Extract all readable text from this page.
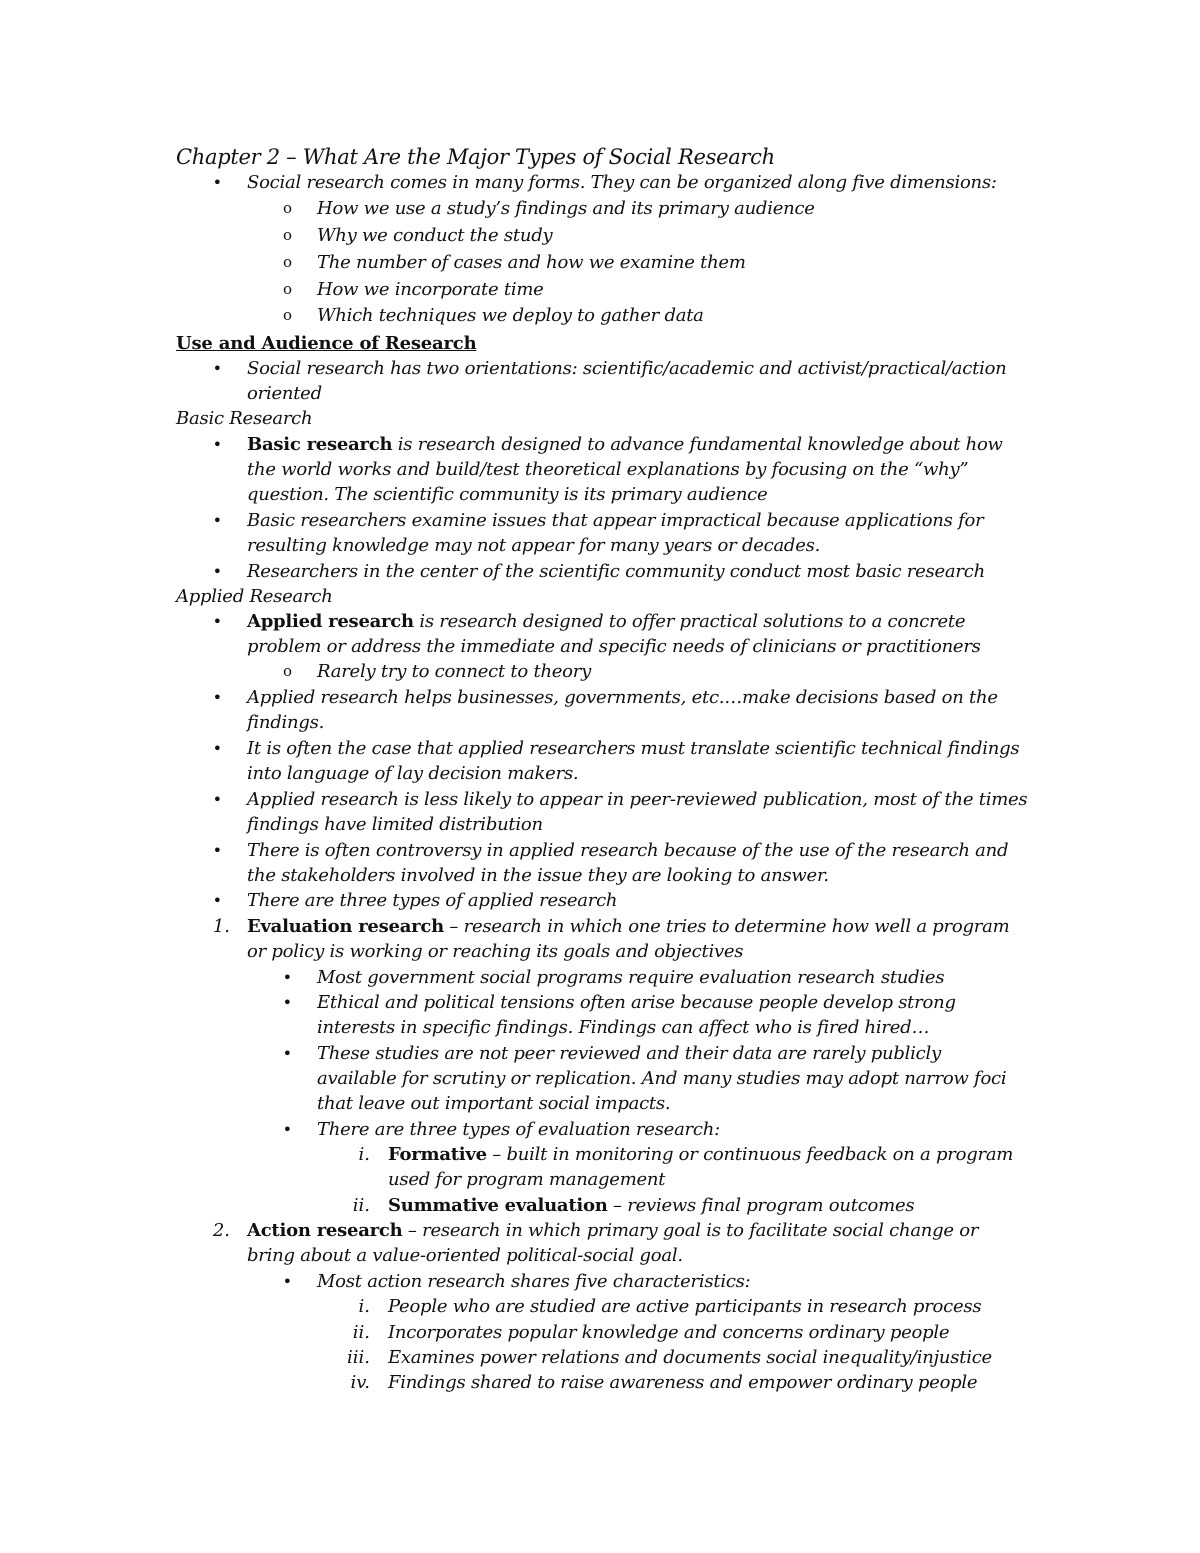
Chapter 2 – What Are the Major Types of Social Research
• Social research comes in many forms. They can be organized along five dimensions:
o How we use a study’s findings and its primary audience
o Why we conduct the study
o The number of cases and how we examine them
o How we incorporate time
o Which techniques we deploy to gather data
Use and Audience of Research
• Social research has two orientations: scientific/academic and activist/practical/action
oriented
Basic Research
• Basic research is research designed to advance fundamental knowledge about how
the world works and build/test theoretical explanations by focusing on the “why”
question. The scientific community is its primary audience
• Basic researchers examine issues that appear impractical because applications for
resulting knowledge may not appear for many years or decades.
• Researchers in the center of the scientific community conduct most basic research
Applied Research
• Applied research is research designed to offer practical solutions to a concrete
problem or address the immediate and specific needs of clinicians or practitioners
o Rarely try to connect to theory
• Applied research helps businesses, governments, etc.…make decisions based on the
findings.
• It is often the case that applied researchers must translate scientific technical findings
into language of lay decision makers.
• Applied research is less likely to appear in peer-reviewed publication, most of the times
findings have limited distribution
• There is often controversy in applied research because of the use of the research and
the stakeholders involved in the issue they are looking to answer.
• There are three types of applied research
1. Evaluation research – research in which one tries to determine how well a program
or policy is working or reaching its goals and objectives
• Most government social programs require evaluation research studies
• Ethical and political tensions often arise because people develop strong
interests in specific findings. Findings can affect who is fired hired…
• These studies are not peer reviewed and their data are rarely publicly
available for scrutiny or replication. And many studies may adopt narrow foci
that leave out important social impacts.
• There are three types of evaluation research:
i. Formative – built in monitoring or continuous feedback on a program
used for program management
ii. Summative evaluation – reviews final program outcomes
2. Action research – research in which primary goal is to facilitate social change or
bring about a value-oriented political-social goal.
• Most action research shares five characteristics:
i. People who are studied are active participants in research process
ii. Incorporates popular knowledge and concerns ordinary people
iii. Examines power relations and documents social inequality/injustice
iv. Findings shared to raise awareness and empower ordinary people
